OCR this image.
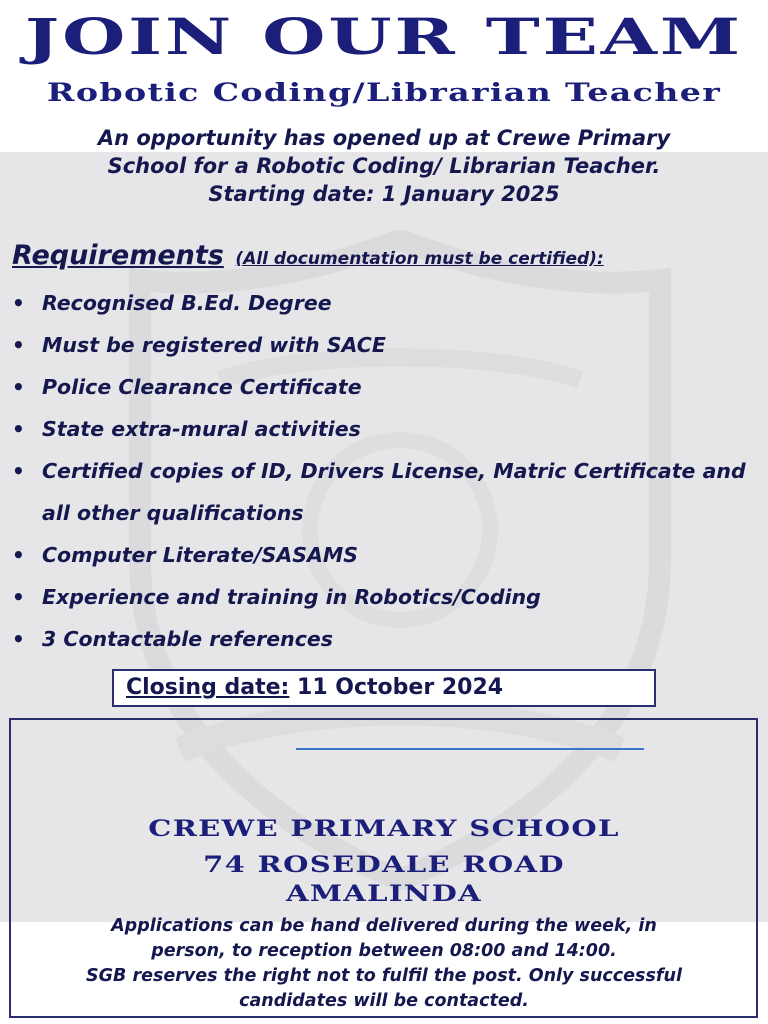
JOIN OUR TEAM
Robotic Coding/Librarian Teacher
An opportunity has opened up at Crewe Primary
School for a Robotic Coding/ Librarian Teacher.
Starting date: 1 January 2025
Requirements (All documentation must be certified):
• Recognised B.Ed. Degree
• Must be registered with SACE
• Police Clearance Certificate
• State extra-mural activities
• Certified copies of ID, Drivers License, Matric Certificate and all other qualifications
• Computer Literate/SASAMS
• Experience and training in Robotics/Coding
• 3 Contactable references
Closing date: 11 October 2024
CREWE PRIMARY SCHOOL
74 ROSEDALE ROAD
AMALINDA
Applications can be hand delivered during the week, in
person, to reception between 08:00 and 14:00.
SGB reserves the right not to fulfil the post. Only successful
candidates will be contacted.
